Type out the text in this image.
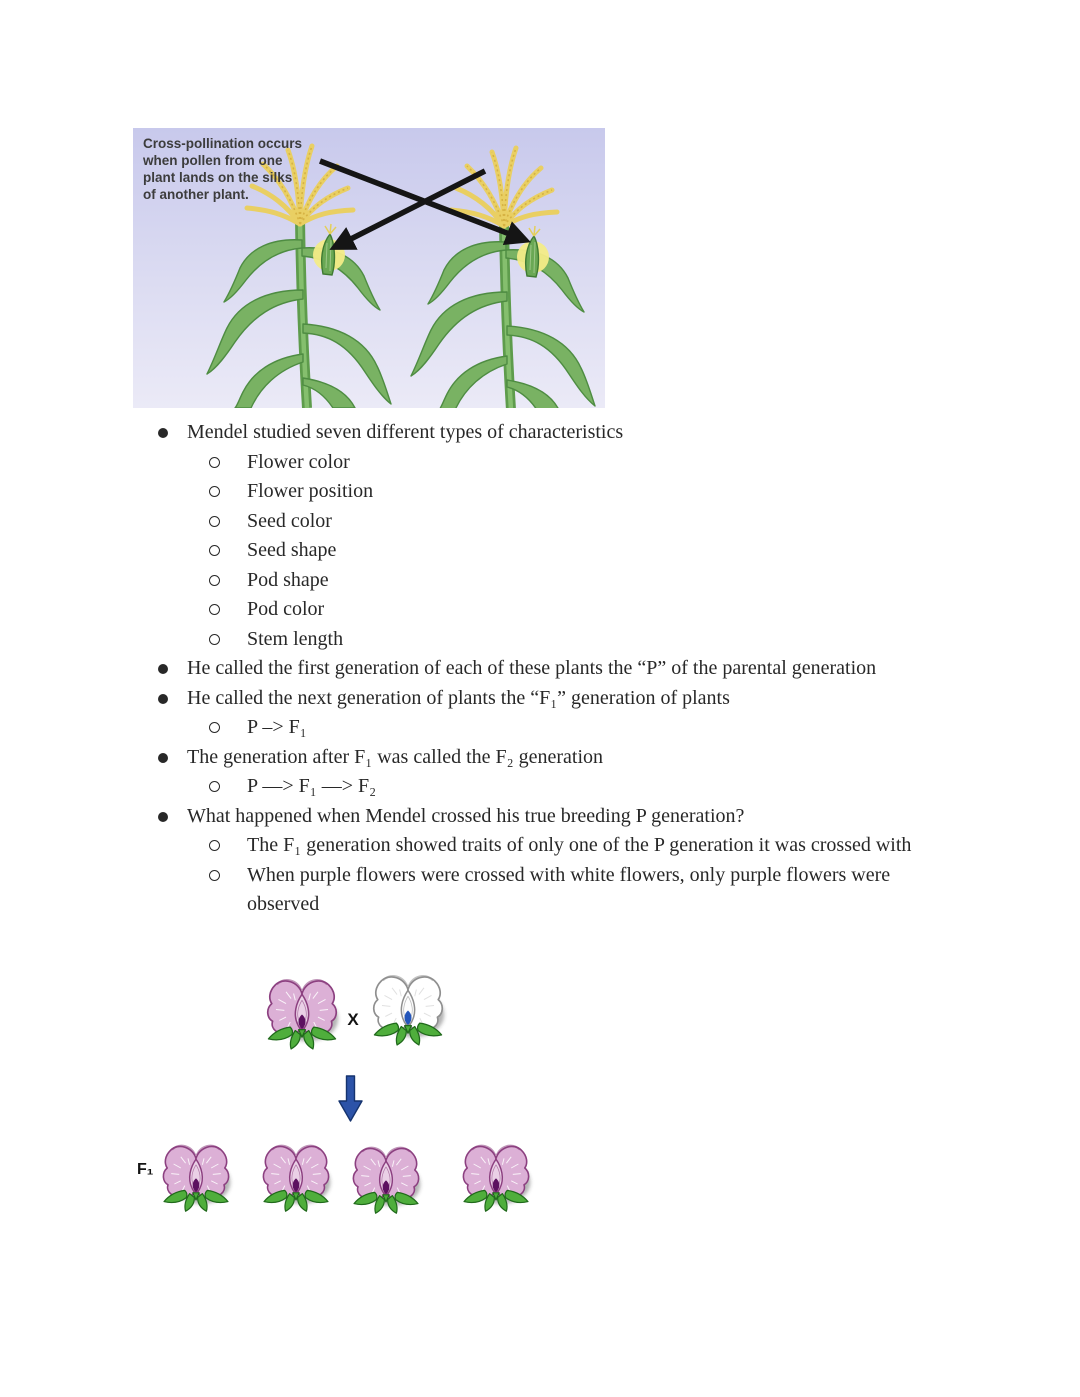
Cross-pollination occurs
when pollen from one
plant lands on the silks
of another plant.
Mendel studied seven different types of characteristics
Flower color
Flower position
Seed color
Seed shape
Pod shape
Pod color
Stem length
He called the first generation of each of these plants the “P” of the parental generation
He called the next generation of plants the “F₁” generation of plants
P –> F₁
The generation after F₁ was called the F₂ generation
P —> F₁ —> F₂
What happened when Mendel crossed his true breeding P generation?
The F₁ generation showed traits of only one of the P generation it was crossed with
When purple flowers were crossed with white flowers, only purple flowers were observed
X
F₁
